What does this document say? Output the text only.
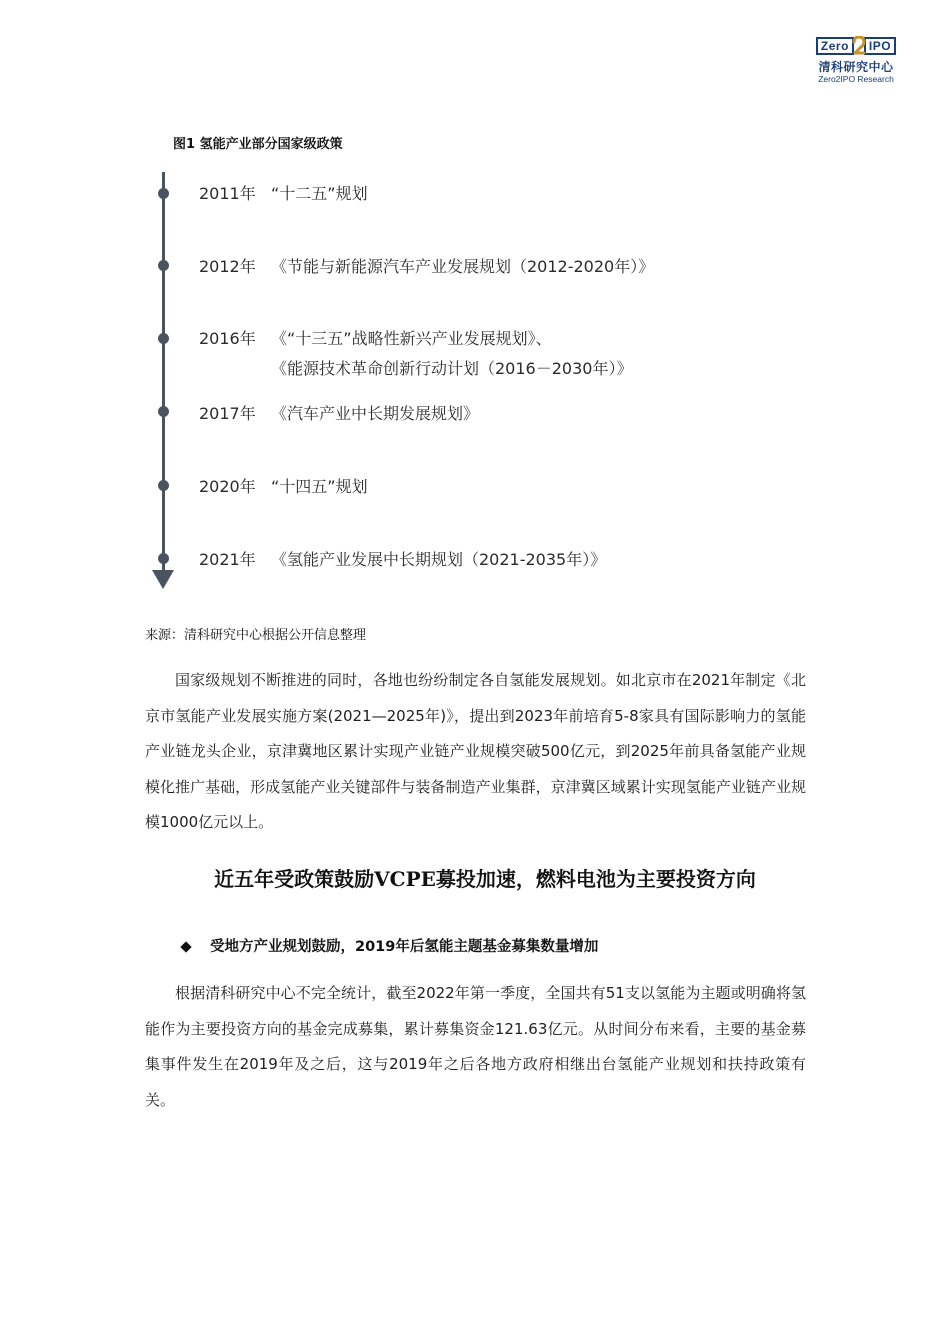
Zero	IPO
清科研究中心
Zero2IPO Research
图1 氢能产业部分国家级政策
2011年 “十二五”规划
2012年 《节能与新能源汽车产业发展规划（2012-2020年）》
2016年 《“十三五”战略性新兴产业发展规划》、
《能源技术革命创新行动计划（2016－2030年）》
2017年 《汽车产业中长期发展规划》
2020年 “十四五”规划
2021年 《氢能产业发展中长期规划（2021-2035年）》
来源：清科研究中心根据公开信息整理

国家级规划不断推进的同时，各地也纷纷制定各自氢能发展规划。如北京市在2021年制定《北京市氢能产业发展实施方案(2021—2025年)》，提出到2023年前培育5-8家具有国际影响力的氢能产业链龙头企业，京津冀地区累计实现产业链产业规模突破500亿元，到2025年前具备氢能产业规模化推广基础，形成氢能产业关键部件与装备制造产业集群，京津冀区域累计实现氢能产业链产业规模1000亿元以上。

近五年受政策鼓励VCPE募投加速，燃料电池为主要投资方向
受地方产业规划鼓励，2019年后氢能主题基金募集数量增加

根据清科研究中心不完全统计，截至2022年第一季度，全国共有51支以氢能为主题或明确将氢能作为主要投资方向的基金完成募集，累计募集资金121.63亿元。从时间分布来看，主要的基金募集事件发生在2019年及之后，这与2019年之后各地方政府相继出台氢能产业规划和扶持政策有关。
